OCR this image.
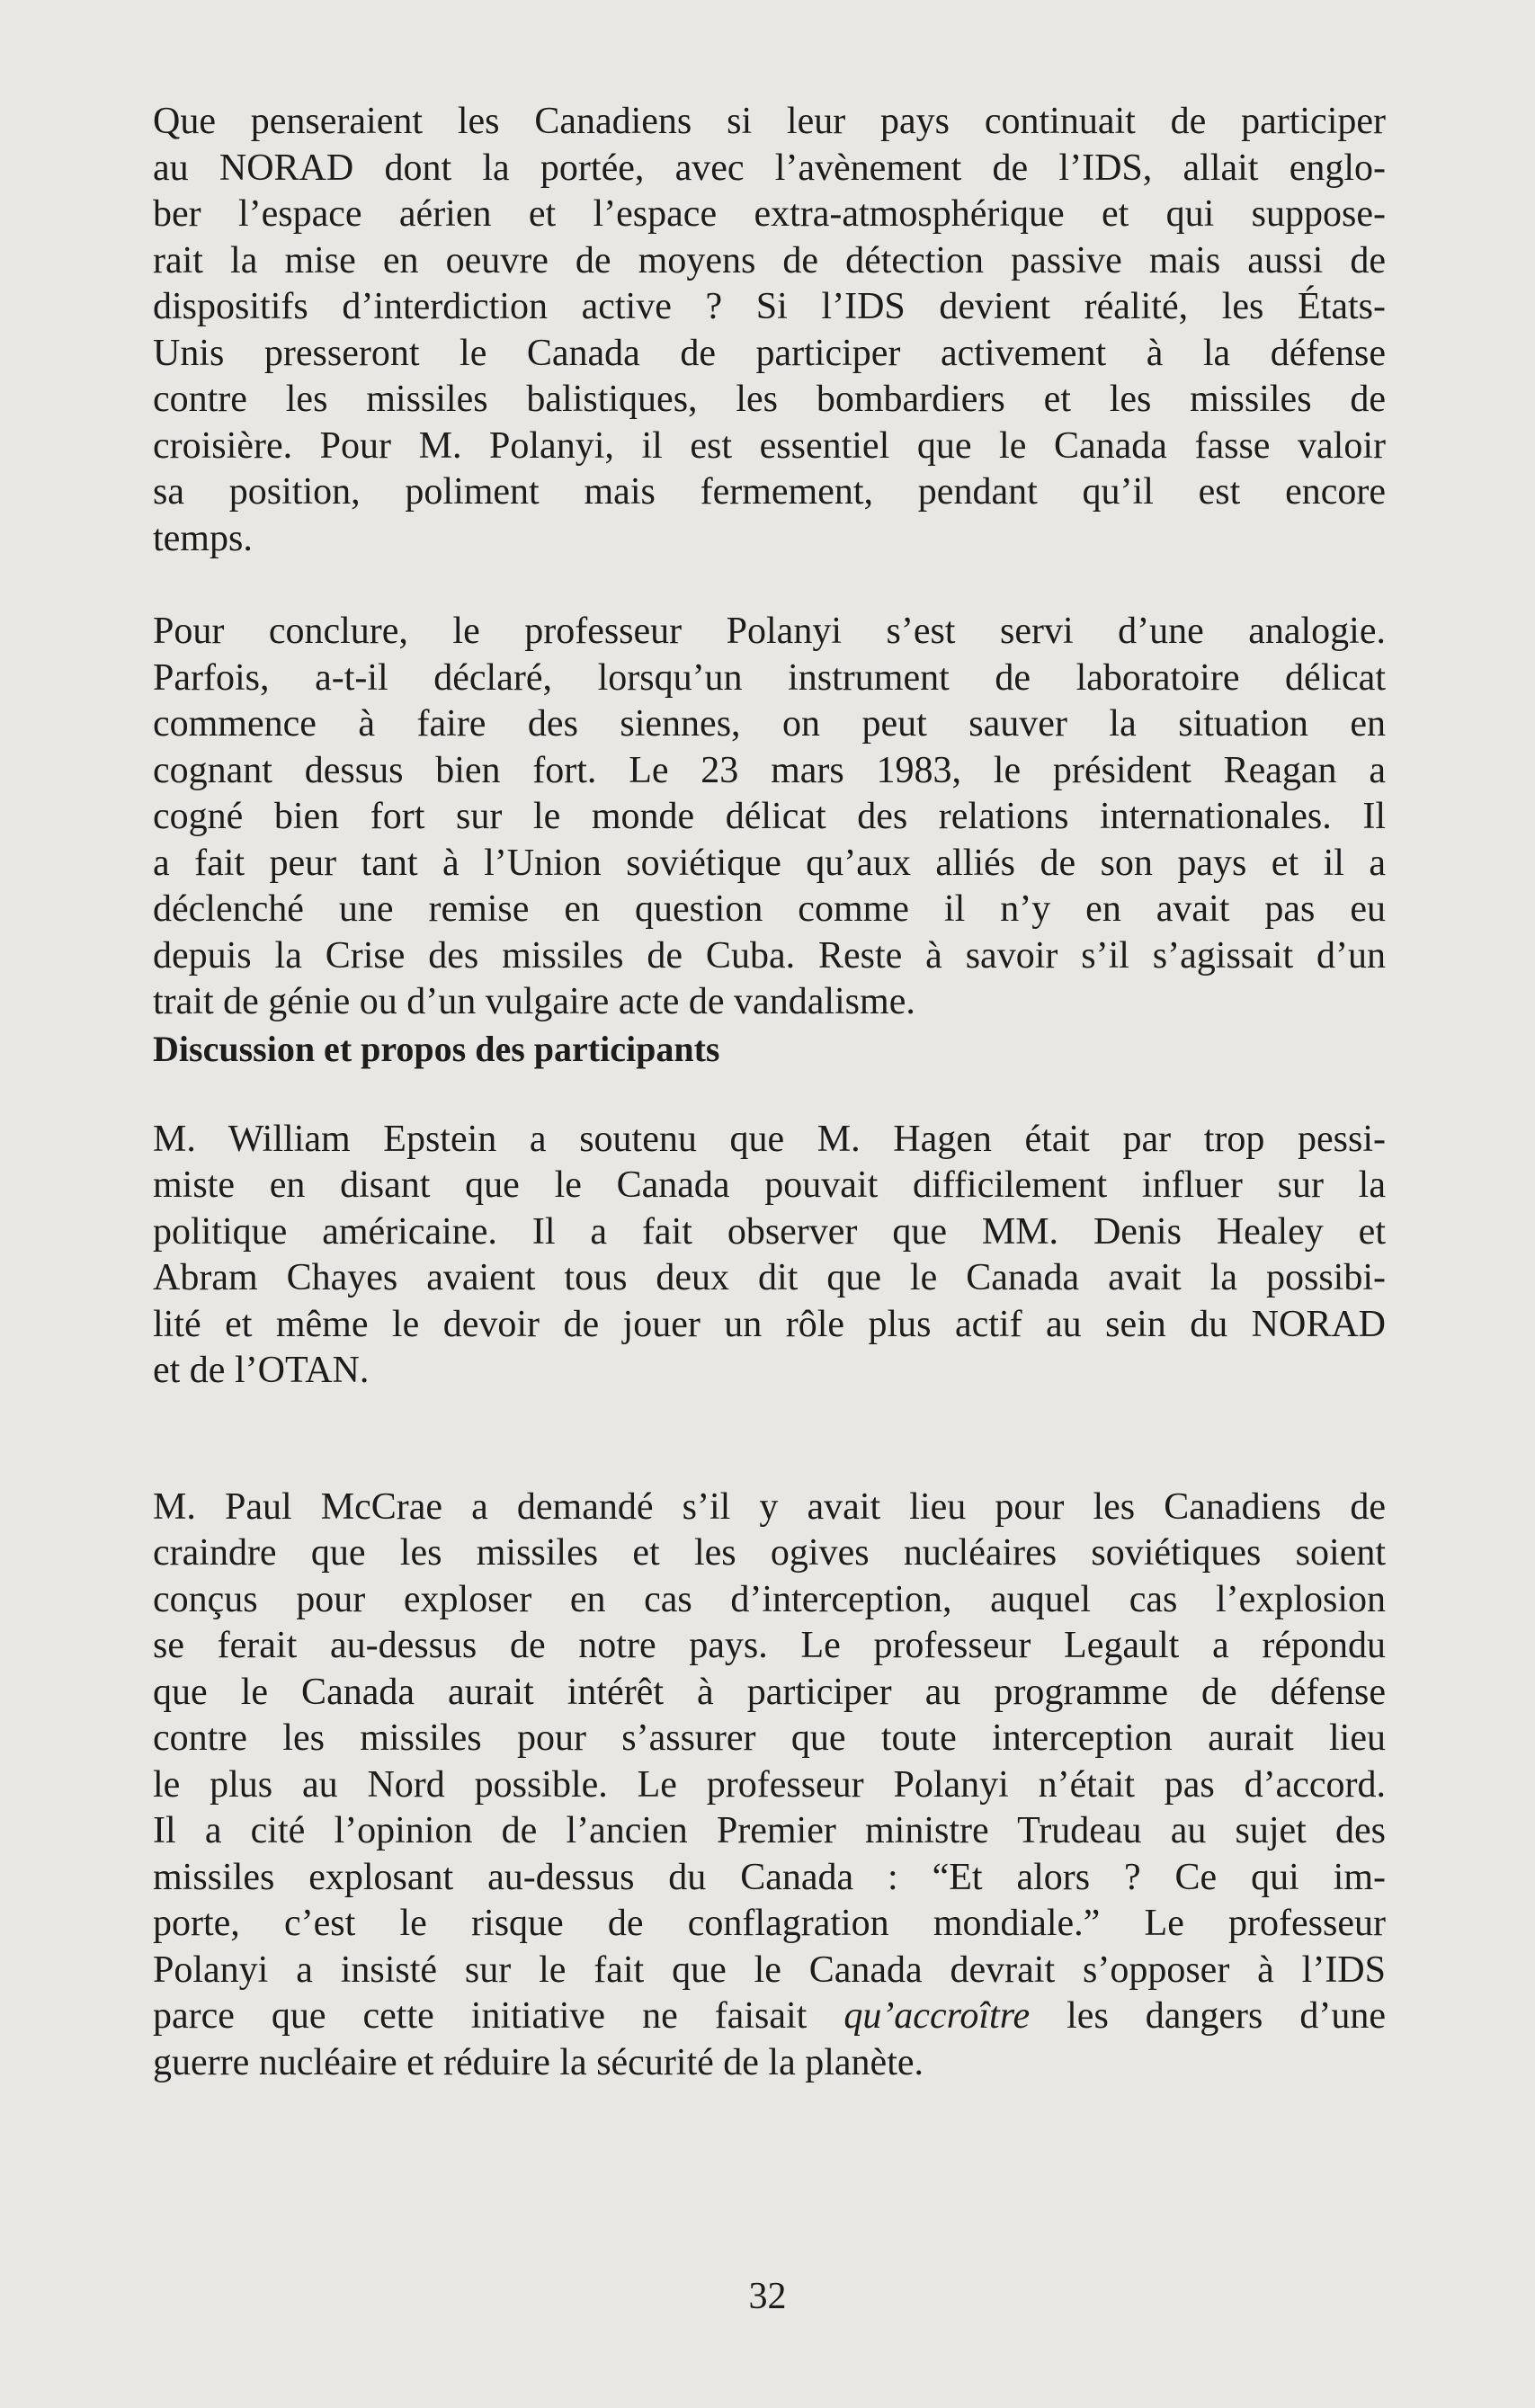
Que penseraient les Canadiens si leur pays continuait de participer
au NORAD dont la portée, avec l’avènement de l’IDS, allait englo-
ber l’espace aérien et l’espace extra-atmosphérique et qui suppose-
rait la mise en oeuvre de moyens de détection passive mais aussi de
dispositifs d’interdiction active ? Si l’IDS devient réalité, les États-
Unis presseront le Canada de participer activement à la défense
contre les missiles balistiques, les bombardiers et les missiles de
croisière. Pour M. Polanyi, il est essentiel que le Canada fasse valoir
sa position, poliment mais fermement, pendant qu’il est encore
temps.
Pour conclure, le professeur Polanyi s’est servi d’une analogie.
Parfois, a-t-il déclaré, lorsqu’un instrument de laboratoire délicat
commence à faire des siennes, on peut sauver la situation en
cognant dessus bien fort. Le 23 mars 1983, le président Reagan a
cogné bien fort sur le monde délicat des relations internationales. Il
a fait peur tant à l’Union soviétique qu’aux alliés de son pays et il a
déclenché une remise en question comme il n’y en avait pas eu
depuis la Crise des missiles de Cuba. Reste à savoir s’il s’agissait d’un
trait de génie ou d’un vulgaire acte de vandalisme.
Discussion et propos des participants
M. William Epstein a soutenu que M. Hagen était par trop pessi-
miste en disant que le Canada pouvait difficilement influer sur la
politique américaine. Il a fait observer que MM. Denis Healey et
Abram Chayes avaient tous deux dit que le Canada avait la possibi-
lité et même le devoir de jouer un rôle plus actif au sein du NORAD
et de l’OTAN.
M. Paul McCrae a demandé s’il y avait lieu pour les Canadiens de
craindre que les missiles et les ogives nucléaires soviétiques soient
conçus pour exploser en cas d’interception, auquel cas l’explosion
se ferait au-dessus de notre pays. Le professeur Legault a répondu
que le Canada aurait intérêt à participer au programme de défense
contre les missiles pour s’assurer que toute interception aurait lieu
le plus au Nord possible. Le professeur Polanyi n’était pas d’accord.
Il a cité l’opinion de l’ancien Premier ministre Trudeau au sujet des
missiles explosant au-dessus du Canada : “Et alors ? Ce qui im-
porte, c’est le risque de conflagration mondiale.” Le professeur
Polanyi a insisté sur le fait que le Canada devrait s’opposer à l’IDS
parce que cette initiative ne faisait qu’accroître les dangers d’une
guerre nucléaire et réduire la sécurité de la planète.
32
